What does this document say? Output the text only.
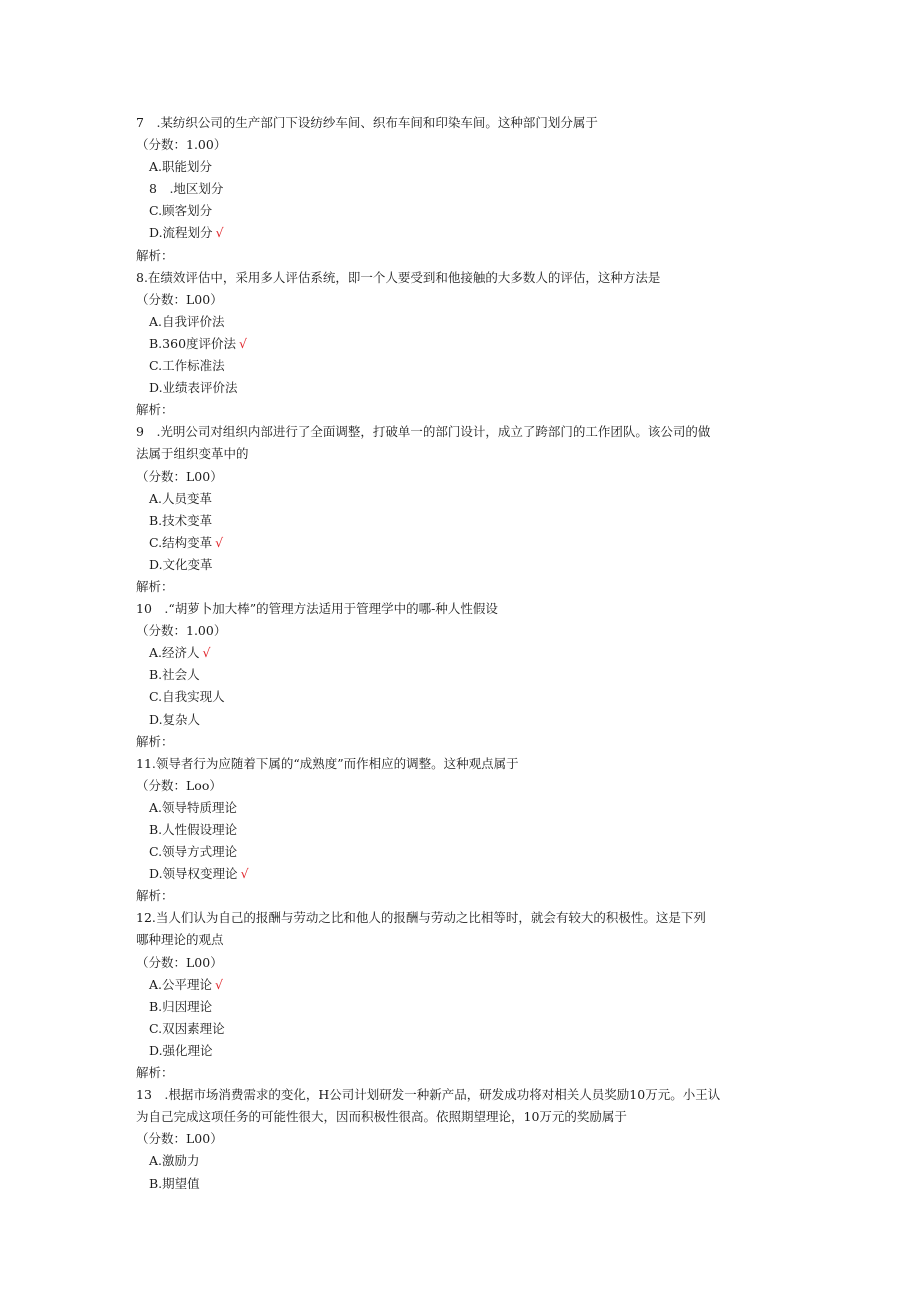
7　.某纺织公司的生产部门下设纺纱车间、织布车间和印染车间。这种部门划分属于
（分数：1.00）
A.职能划分
8　.地区划分
C.顾客划分
D.流程划分 √
解析：
8.在绩效评估中，采用多人评估系统，即一个人要受到和他接触的大多数人的评估，这种方法是
（分数：L00）
A.自我评价法
B.360度评价法 √
C.工作标准法
D.业绩表评价法
解析：
9　.光明公司对组织内部进行了全面调整，打破单一的部门设计，成立了跨部门的工作团队。该公司的做
法属于组织变革中的
（分数：L00）
A.人员变革
B.技术变革
C.结构变革 √
D.文化变革
解析：
10　.“胡萝卜加大棒”的管理方法适用于管理学中的哪-种人性假设
（分数：1.00）
A.经济人 √
B.社会人
C.自我实现人
D.复杂人
解析：
11.领导者行为应随着下属的“成熟度”而作相应的调整。这种观点属于
（分数：Loo）
A.领导特质理论
B.人性假设理论
C.领导方式理论
D.领导权变理论 √
解析：
12.当人们认为自己的报酬与劳动之比和他人的报酬与劳动之比相等时，就会有较大的积极性。这是下列
哪种理论的观点
（分数：L00）
A.公平理论 √
B.归因理论
C.双因素理论
D.强化理论
解析：
13　.根据市场消费需求的变化，H公司计划研发一种新产品，研发成功将对相关人员奖励10万元。小王认
为自己完成这项任务的可能性很大，因而积极性很高。依照期望理论，10万元的奖励属于
（分数：L00）
A.激励力
B.期望值
